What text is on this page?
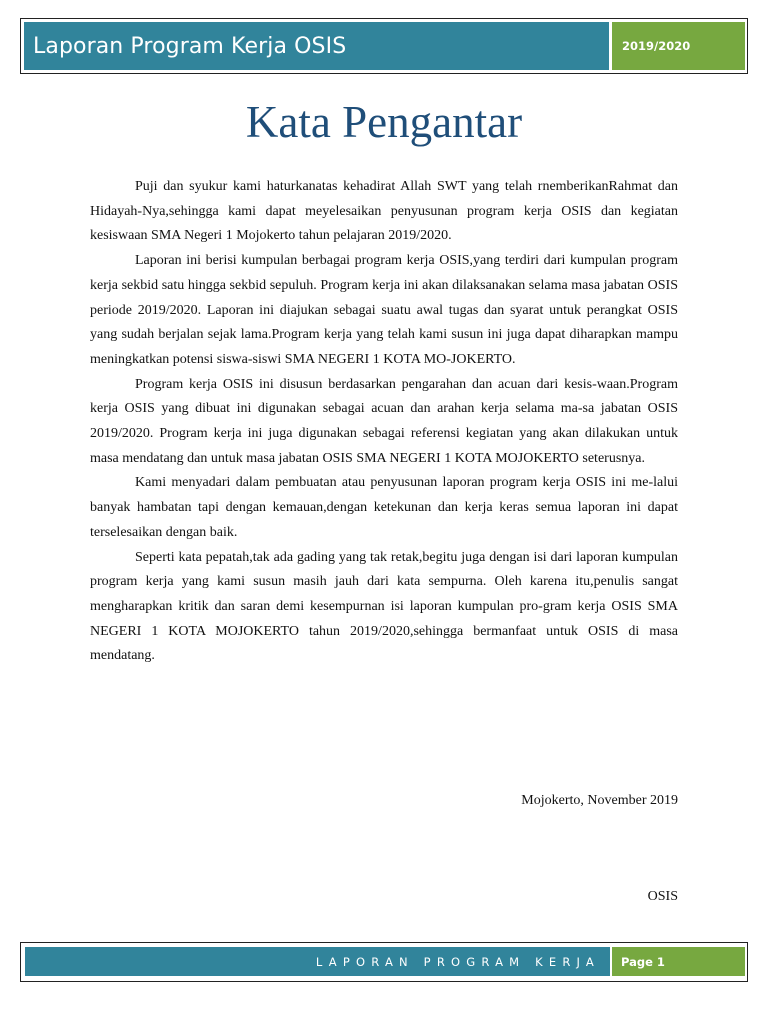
Laporan Program Kerja OSIS	2019/2020
Kata Pengantar

Puji dan syukur kami haturkanatas kehadirat Allah SWT yang telah rnemberikanRahmat dan Hidayah-Nya,sehingga kami dapat meyelesaikan penyusunan program kerja OSIS dan kegiatan kesiswaan SMA Negeri 1 Mojokerto tahun pelajaran 2019/2020.

Laporan ini berisi kumpulan berbagai program kerja OSIS,yang terdiri dari kumpulan program kerja sekbid satu hingga sekbid sepuluh. Program kerja ini akan dilaksanakan selama masa jabatan OSIS periode 2019/2020. Laporan ini diajukan sebagai suatu awal tugas dan syarat untuk perangkat OSIS yang sudah berjalan sejak lama.Program kerja yang telah kami susun ini juga dapat diharapkan mampu meningkatkan potensi siswa-siswi SMA NEGERI 1 KOTA MO-JOKERTO.

Program kerja OSIS ini disusun berdasarkan pengarahan dan acuan dari kesis-waan.Program kerja OSIS yang dibuat ini digunakan sebagai acuan dan arahan kerja selama ma-sa jabatan OSIS 2019/2020. Program kerja ini juga digunakan sebagai referensi kegiatan yang akan dilakukan untuk masa mendatang dan untuk masa jabatan OSIS SMA NEGERI 1 KOTA MOJOKERTO seterusnya.

Kami menyadari dalam pembuatan atau penyusunan laporan program kerja OSIS ini me-lalui banyak hambatan tapi dengan kemauan,dengan ketekunan dan kerja keras semua laporan ini dapat terselesaikan dengan baik.

Seperti kata pepatah,tak ada gading yang tak retak,begitu juga dengan isi dari laporan kumpulan program kerja yang kami susun masih jauh dari kata sempurna. Oleh karena itu,penulis sangat mengharapkan kritik dan saran demi kesempurnan isi laporan kumpulan pro-gram kerja OSIS SMA NEGERI 1 KOTA MOJOKERTO tahun 2019/2020,sehingga bermanfaat untuk OSIS di masa mendatang.

Mojokerto, November 2019
OSIS
LAPORAN PROGRAM KERJA Page 1
